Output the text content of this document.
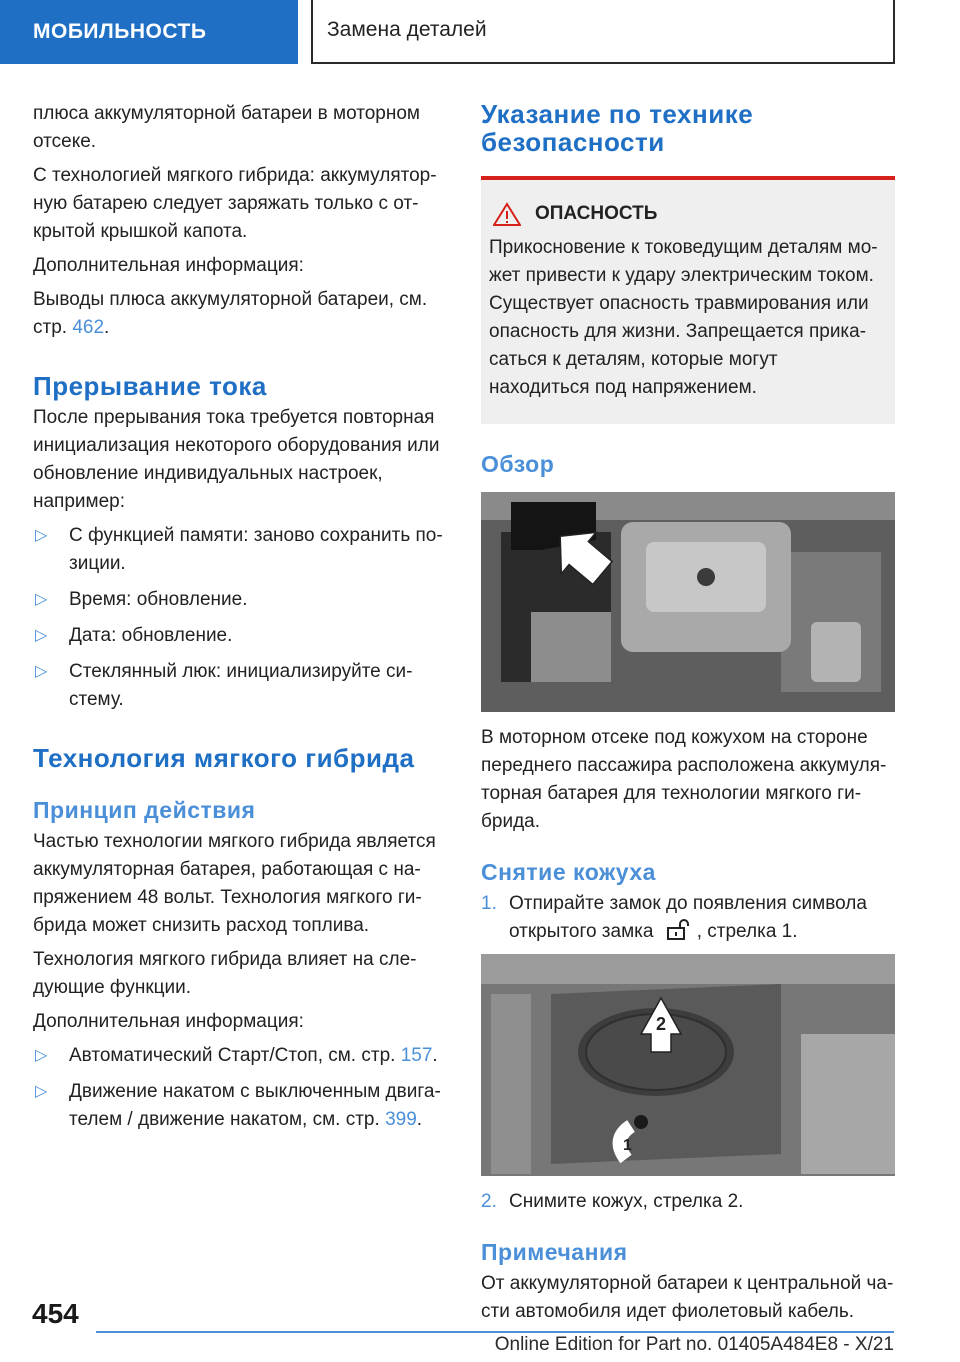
МОБИЛЬНОСТЬ	Замена деталей

плюса аккумуляторной батареи в моторном отсеке.

С технологией мягкого гибрида: аккумуляторную батарею следует заряжать только с открытой крышкой капота.

Дополнительная информация:

Выводы плюса аккумуляторной батареи, см. стр. 462.

Прерывание тока

После прерывания тока требуется повторная инициализация некоторого оборудования или обновление индивидуальных настроек, например:

▷ С функцией памяти: заново сохранить позиции.
▷ Время: обновление.
▷ Дата: обновление.
▷ Стеклянный люк: инициализируйте систему.
Технология мягкого гибрида
Принцип действия

Частью технологии мягкого гибрида является аккумуляторная батарея, работающая с напряжением 48 вольт. Технология мягкого гибрида может снизить расход топлива.

Технология мягкого гибрида влияет на следующие функции.

Дополнительная информация:

▷ Автоматический Старт/Стоп, см. стр. 157.
▷ Движение накатом с выключенным двигателем / движение накатом, см. стр. 399.
Указание по технике безопасности
ОПАСНОСТЬ
Прикосновение к токоведущим деталям может привести к удару электрическим током. Существует опасность травмирования или опасность для жизни. Запрещается прикасаться к деталям, которые могут находиться под напряжением.
Обзор

В моторном отсеке под кожухом на стороне переднего пассажира расположена аккумуляторная батарея для технологии мягкого гибрида.

Снятие кожуха
1. Отпирайте замок до появления символа открытого замка , стрелка 1.
2
1
2. Снимите кожух, стрелка 2.
Примечания

От аккумуляторной батареи к центральной части автомобиля идет фиолетовый кабель.

454
Online Edition for Part no. 01405A484E8 - X/21
